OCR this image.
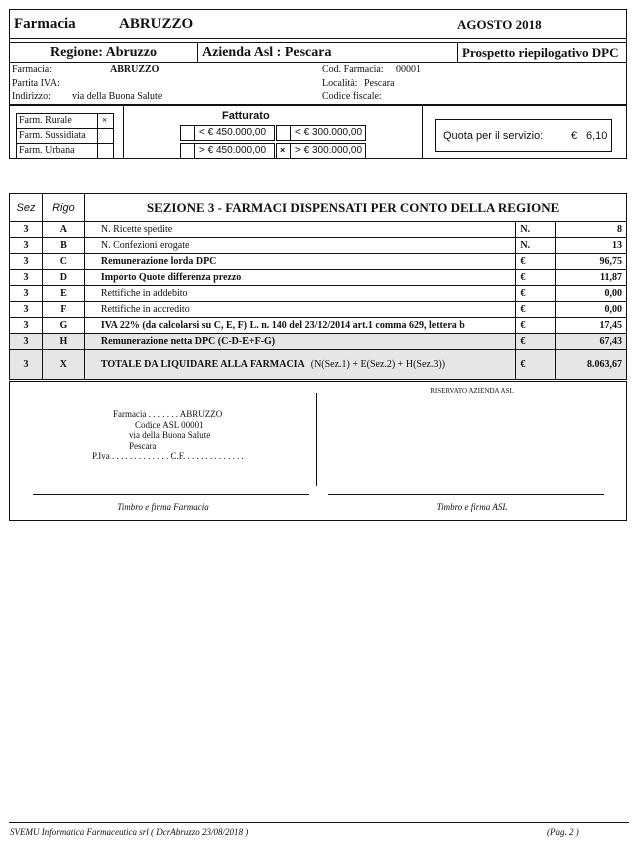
Farmacia	ABRUZZO	AGOSTO 2018
Regione: Abruzzo	Azienda Asl : Pescara	Prospetto riepilogativo DPC
Farmacia:	ABRUZZO
Partita IVA:
Indirizzo: via della Buona Salute
Cod. Farmacia: 00001
Località: Pescara
Codice fiscale:
Farm. Rurale	×
Farm. Sussidiata
Farm. Urbana
Fatturato
< € 450.000,00	< € 300.000,00
> € 450.000,00 × > € 300.000,00
Quota per il servizio:	€ 6,10
Sez	Rigo	SEZIONE 3 - FARMACI DISPENSATI PER CONTO DELLA REGIONE		
3	A	N. Ricette spedite	N.	8
3	B	N. Confezioni erogate	N.	13
3	C	Remunerazione lorda DPC	€	96,75
3	D	Importo Quote differenza prezzo	€	11,87
3	E	Rettifiche in addebito	€	0,00
3	F	Rettifiche in accredito	€	0,00
3	G	IVA 22% (da calcolarsi su C, E, F) L. n. 140 del 23/12/2014 art.1 comma 629, lettera b	€	17,45
3	H	Remunerazione netta DPC (C-D-E+F-G)	€	67,43
3	X	TOTALE DA LIQUIDARE ALLA FARMACIA (N(Sez.1) + E(Sez.2) + H(Sez.3))	€	8.063,67
Farmacia . . . . . . . ABRUZZO
Codice ASL 00001
via della Buona Salute
Pescara
P.Iva . . . . . . . . . . . . . C.F. . . . . . . . . . . . . .
Timbro e firma Farmacia
RISERVATO AZIENDA ASL
Timbro e firma ASL
SVEMU Informatica Farmaceutica srl ( DcrAbruzzo 23/08/2018 )	(Pag. 2 )
